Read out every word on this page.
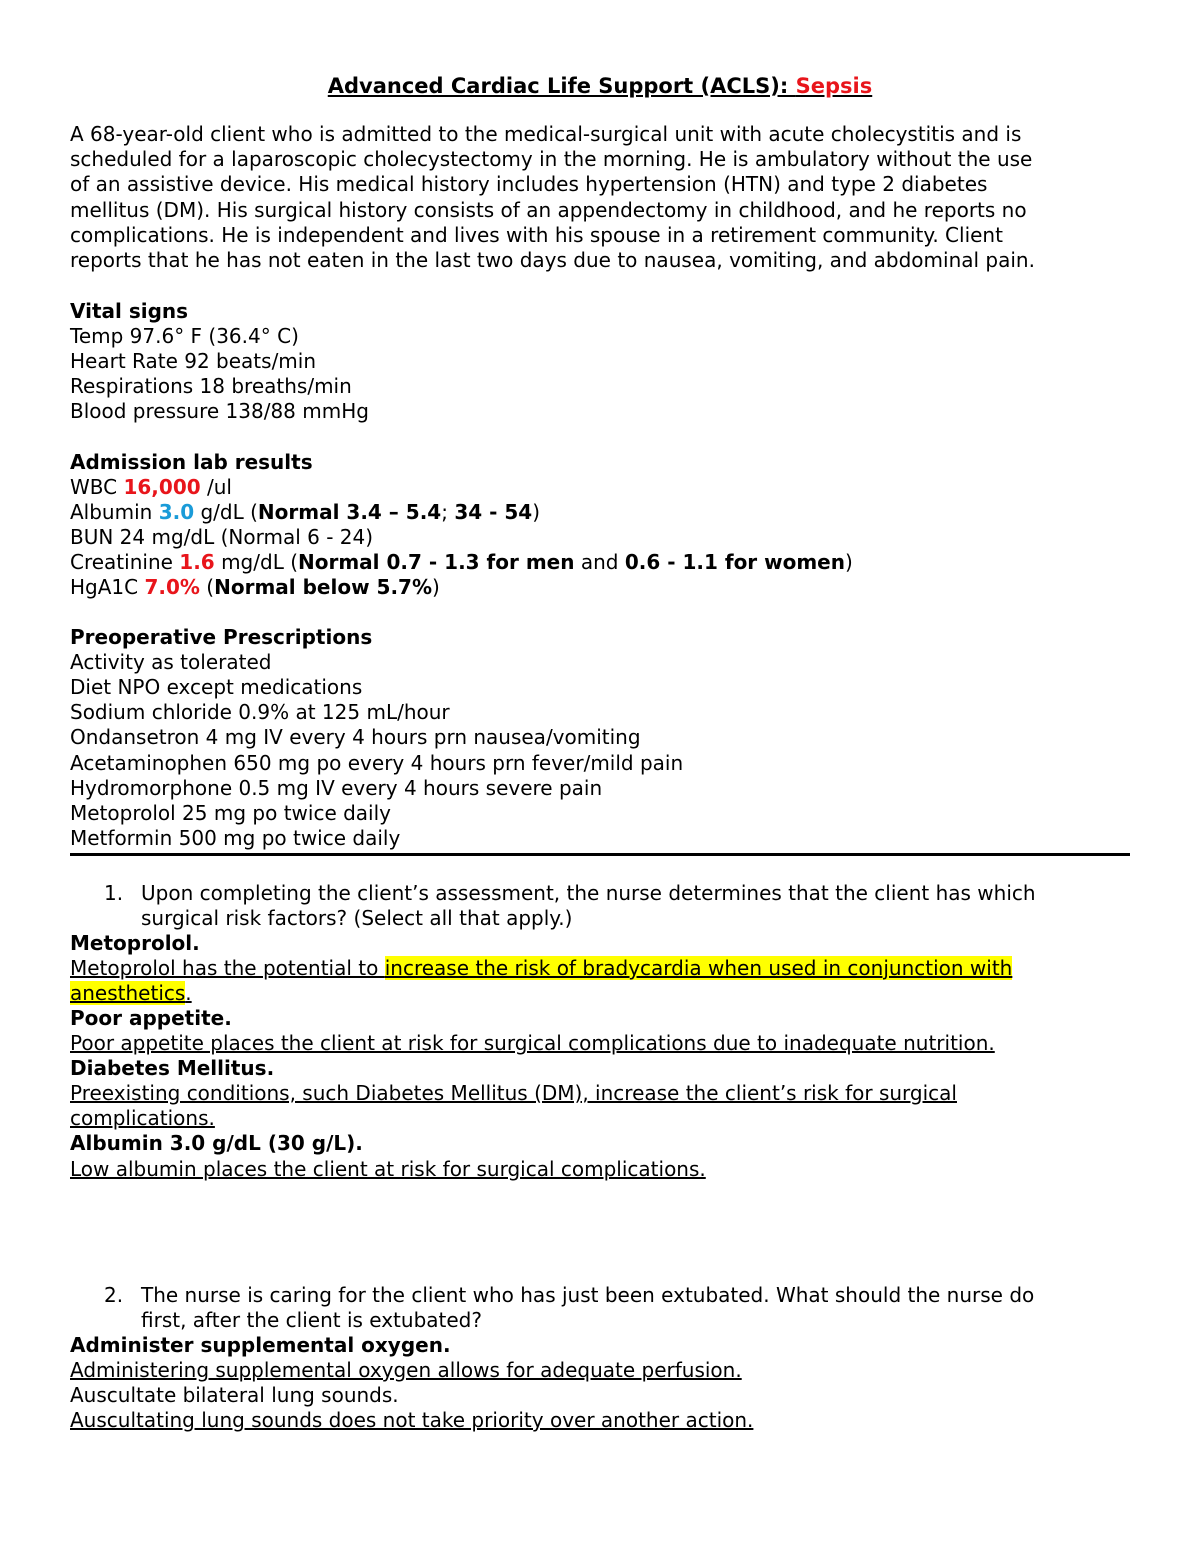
Advanced Cardiac Life Support (ACLS): Sepsis
A 68-year-old client who is admitted to the medical-surgical unit with acute cholecystitis and is
scheduled for a laparoscopic cholecystectomy in the morning. He is ambulatory without the use
of an assistive device. His medical history includes hypertension (HTN) and type 2 diabetes
mellitus (DM). His surgical history consists of an appendectomy in childhood, and he reports no
complications. He is independent and lives with his spouse in a retirement community. Client
reports that he has not eaten in the last two days due to nausea, vomiting, and abdominal pain.
Vital signs
Temp 97.6° F (36.4° C)
Heart Rate 92 beats/min
Respirations 18 breaths/min
Blood pressure 138/88 mmHg
Admission lab results
WBC 16,000 /ul
Albumin 3.0 g/dL (Normal 3.4 – 5.4; 34 - 54)
BUN 24 mg/dL (Normal 6 - 24)
Creatinine 1.6 mg/dL (Normal 0.7 - 1.3 for men and 0.6 - 1.1 for women)
HgA1C 7.0% (Normal below 5.7%)
Preoperative Prescriptions
Activity as tolerated
Diet NPO except medications
Sodium chloride 0.9% at 125 mL/hour
Ondansetron 4 mg IV every 4 hours prn nausea/vomiting
Acetaminophen 650 mg po every 4 hours prn fever/mild pain
Hydromorphone 0.5 mg IV every 4 hours severe pain
Metoprolol 25 mg po twice daily
Metformin 500 mg po twice daily
1. Upon completing the client’s assessment, the nurse determines that the client has which
surgical risk factors? (Select all that apply.)
Metoprolol.
Metoprolol has the potential to increase the risk of bradycardia when used in conjunction with
anesthetics.
Poor appetite.
Poor appetite places the client at risk for surgical complications due to inadequate nutrition.
Diabetes Mellitus.
Preexisting conditions, such Diabetes Mellitus (DM), increase the client’s risk for surgical
complications.
Albumin 3.0 g/dL (30 g/L).
Low albumin places the client at risk for surgical complications.
2. The nurse is caring for the client who has just been extubated. What should the nurse do
first, after the client is extubated?
Administer supplemental oxygen.
Administering supplemental oxygen allows for adequate perfusion.
Auscultate bilateral lung sounds.
Auscultating lung sounds does not take priority over another action.
